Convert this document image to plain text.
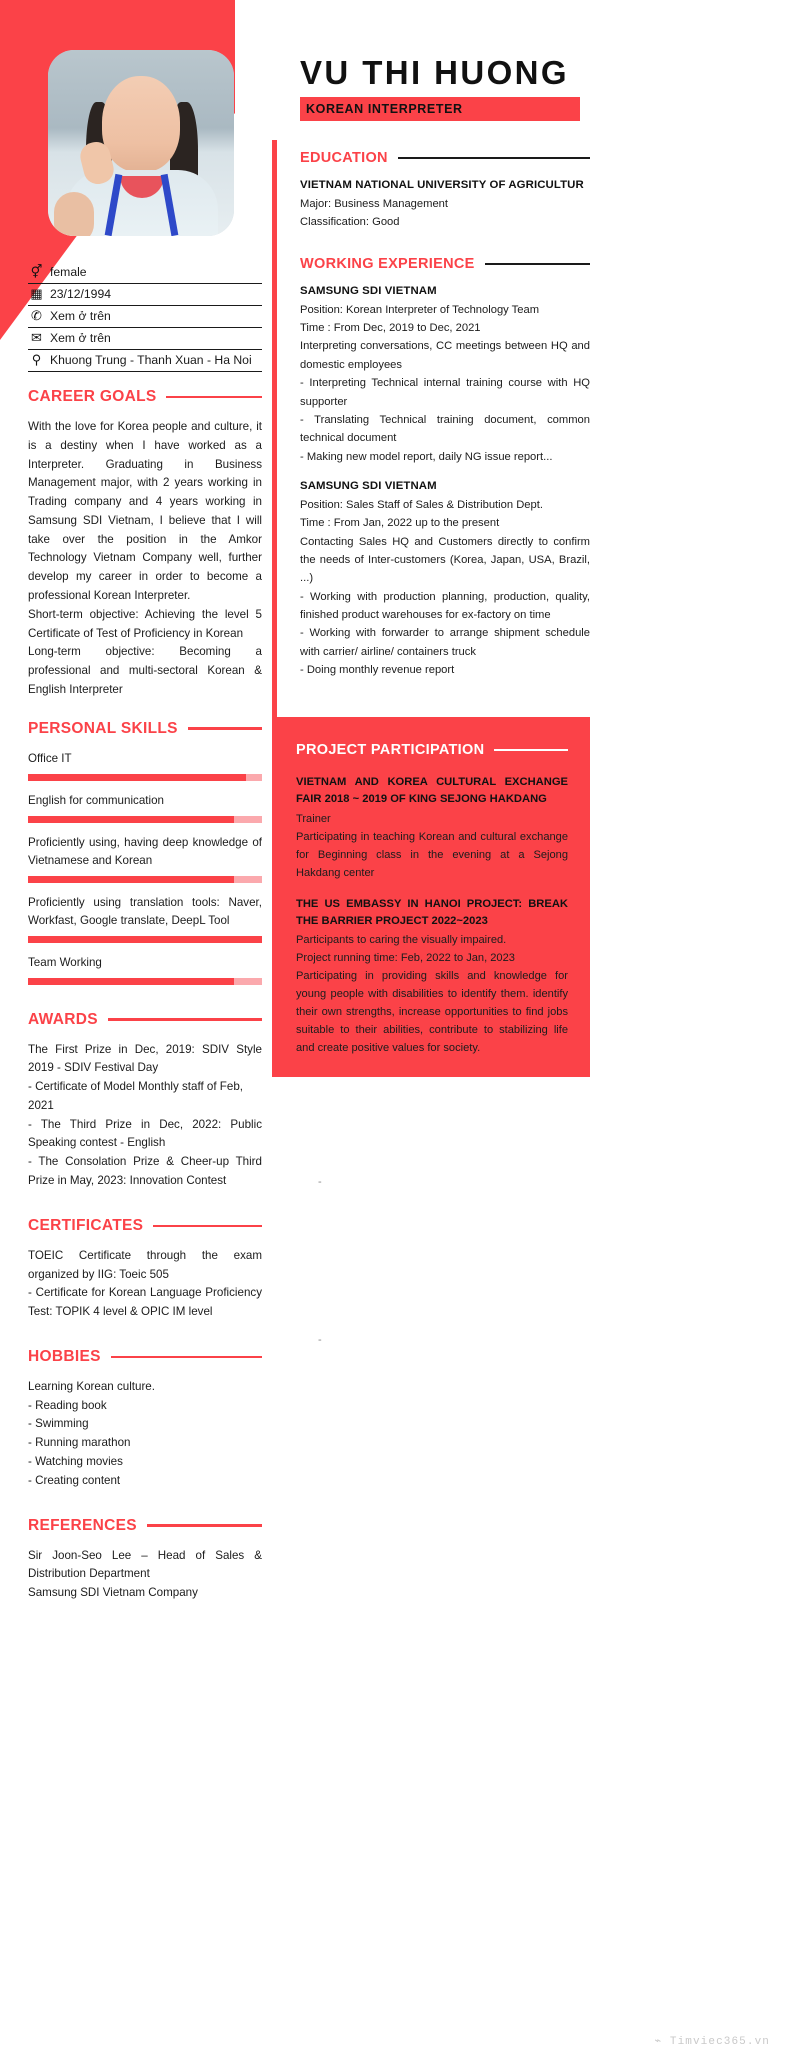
VU THI HUONG
KOREAN INTERPRETER
⚥ female
▦ 23/12/1994
✆ Xem ở trên
✉ Xem ở trên
⚲ Khuong Trung - Thanh Xuan - Ha Noi
CAREER GOALS

With the love for Korea people and culture, it is a destiny when I have worked as a Interpreter. Graduating in Business Management major, with 2 years working in Trading company and 4 years working in Samsung SDI Vietnam, I believe that I will take over the position in the Amkor Technology Vietnam Company well, further develop my career in order to become a professional Korean Interpreter.

Short-term objective: Achieving the level 5 Certificate of Test of Proficiency in Korean

Long-term objective: Becoming a professional and multi-sectoral Korean & English Interpreter

PERSONAL SKILLS
Office IT
English for communication
Proficiently using, having deep knowledge of Vietnamese and Korean
Proficiently using translation tools: Naver, Workfast, Google translate, DeepL Tool
Team Working
AWARDS

The First Prize in Dec, 2019: SDIV Style 2019 - SDIV Festival Day

- Certificate of Model Monthly staff of Feb, 2021

- The Third Prize in Dec, 2022: Public Speaking contest - English

- The Consolation Prize & Cheer-up Third Prize in May, 2023: Innovation Contest

CERTIFICATES

TOEIC Certificate through the exam organized by IIG: Toeic 505

- Certificate for Korean Language Proficiency Test: TOPIK 4 level & OPIC IM level

HOBBIES

Learning Korean culture.

- Reading book

- Swimming

- Running marathon

- Watching movies

- Creating content

REFERENCES

Sir Joon-Seo Lee – Head of Sales & Distribution Department

Samsung SDI Vietnam Company

EDUCATION
VIETNAM NATIONAL UNIVERSITY OF AGRICULTUR
Major: Business Management
Classification: Good
WORKING EXPERIENCE
SAMSUNG SDI VIETNAM
Position: Korean Interpreter of Technology Team
Time : From Dec, 2019 to Dec, 2021
Interpreting conversations, CC meetings between HQ and domestic employees
- Interpreting Technical internal training course with HQ supporter
- Translating Technical training document, common technical document
- Making new model report, daily NG issue report...
SAMSUNG SDI VIETNAM
Position: Sales Staff of Sales & Distribution Dept.
Time : From Jan, 2022 up to the present
Contacting Sales HQ and Customers directly to confirm the needs of Inter-customers (Korea, Japan, USA, Brazil, ...)
- Working with production planning, production, quality, finished product warehouses for ex-factory on time
- Working with forwarder to arrange shipment schedule with carrier/ airline/ containers truck
- Doing monthly revenue report
PROJECT PARTICIPATION
VIETNAM AND KOREA CULTURAL EXCHANGE FAIR 2018 ~ 2019 OF KING SEJONG HAKDANG
Trainer
Participating in teaching Korean and cultural exchange for Beginning class in the evening at a Sejong Hakdang center
THE US EMBASSY IN HANOI PROJECT: BREAK THE BARRIER PROJECT 2022~2023
Participants to caring the visually impaired.
Project running time: Feb, 2022 to Jan, 2023
Participating in providing skills and knowledge for young people with disabilities to identify them. identify their own strengths, increase opportunities to find jobs suitable to their abilities, contribute to stabilizing life and create positive values for society.
-
-
⌁ Timviec365.vn
